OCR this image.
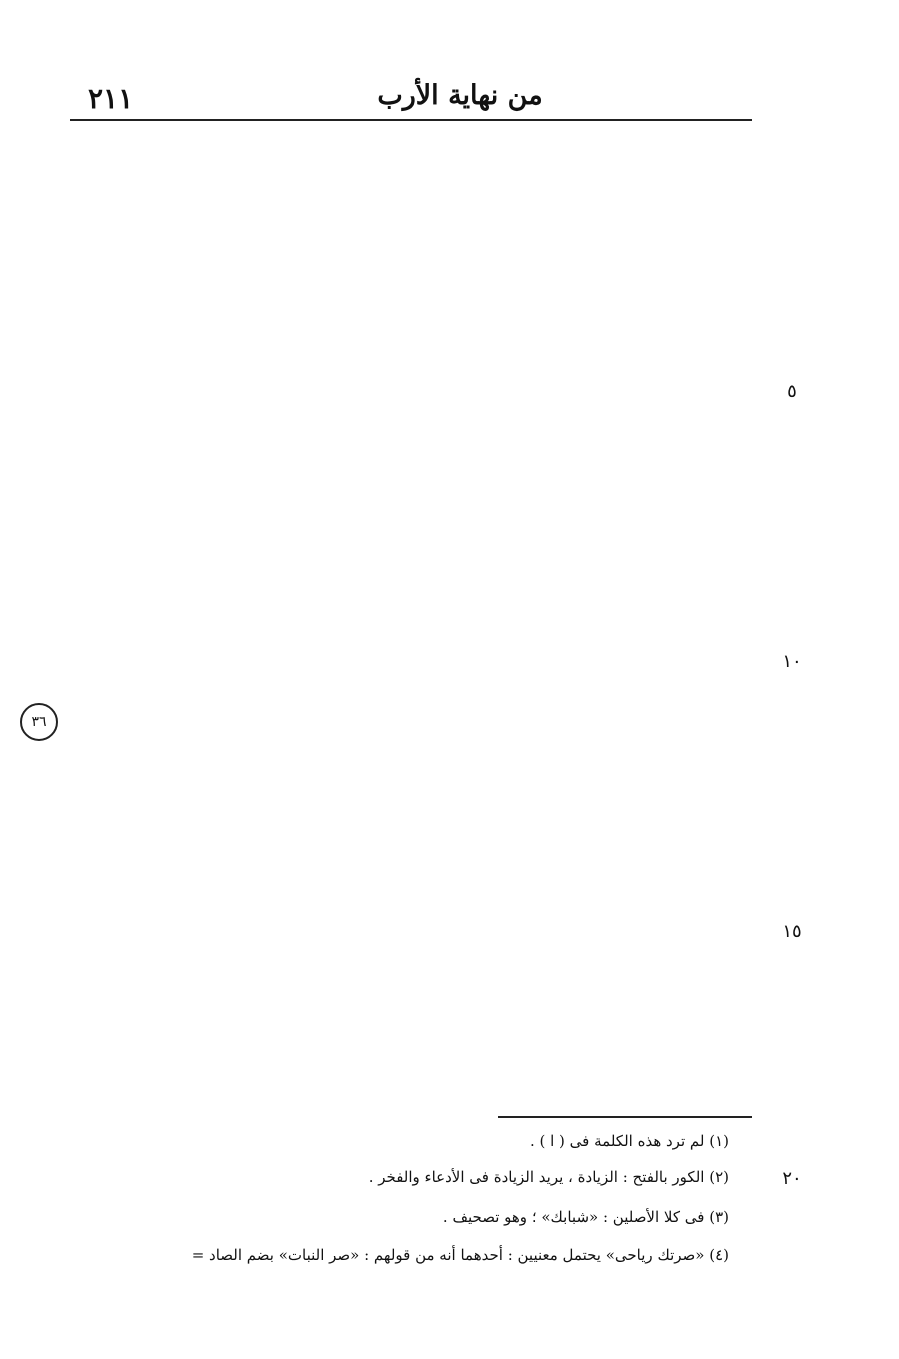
٢١١	من نهاية الأرب
٥
١٠
١٥
٢٠
٣٦
(١) لم ترد هذه الكلمة فى ( ا ) .
(٢) الكور بالفتح : الزيادة ، يريد الزيادة فى الأدعاء والفخر .
(٣) فى كلا الأصلين : «شبابك» ؛ وهو تصحيف .
(٤) «صرتك رياحى» يحتمل معنيين : أحدهما أنه من قولهم : «صر النبات» بضم الصاد =
